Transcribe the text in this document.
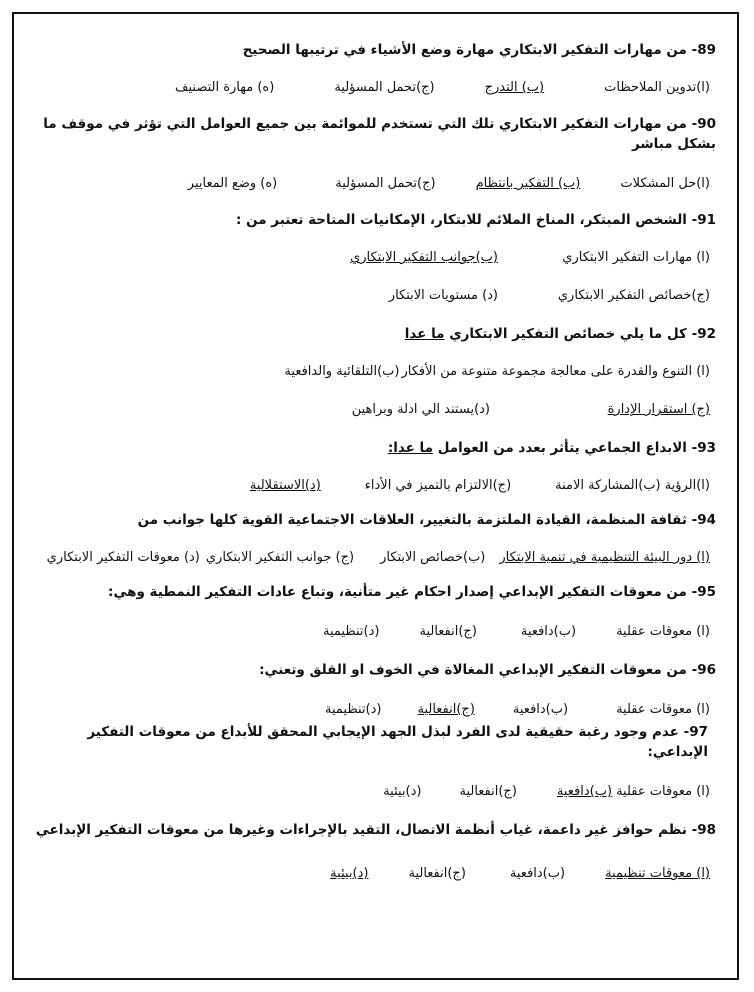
89- من مهارات التفكير الابتكاري مهارة وضع الأشياء في ترتيبها الصحيح

(ا)تدوين الملاحظات
(ب) التدرج
(ج)تحمل المسؤلية
(ه) مهارة التصنيف

90- من مهارات التفكير الابتكاري تلك التي تستخدم للموائمة بين جميع العوامل التي تؤثر في موقف ما بشكل مباشر

(ا)حل المشكلات
(ب) التفكير بانتظام
(ج)تحمل المسؤلية
(ه) وضع المعايير

91- الشخص المبتكر، المناخ الملائم للابتكار، الإمكانيات المتاحة تعتبر من :

(ا) مهارات التفكير الابتكاري
(ب)جوانب التفكير الابتكاري
(ج)خصائص التفكير الابتكاري
(د) مستويات الابتكار

92- كل ما يلي خصائص التفكير الابتكاري ما عدا

(ا) التنوع والقدرة على معالجة مجموعة متنوعة من الأفكار
(ب)التلقائية والدافعية
(ج) استقرار الإدارة
(د)يستند الي ادلة وبراهين

93- الابداع الجماعي يتأثر بعدد من العوامل ما عدا:

(ا)الرؤية
(ب)المشاركة الامنة
(ج)الالتزام بالتميز في الأداء
(د)الاستقلالية

94- ثقافة المنظمة، القيادة الملتزمة بالتغيير، العلاقات الاجتماعية القوية كلها جوانب من

(ا) دور البيئة التنظيمية في تنمية الابتكار
(ب)خصائص الابتكار
(ج) جوانب التفكير الابتكاري
(د) معوقات التفكير الابتكاري

95- من معوقات التفكير الإبداعي إصدار احكام غير متأنية، وتباع عادات التفكير النمطية وهي:

(ا) معوقات عقلية
(ب)دافعية
(ج)انفعالية
(د)تنظيمية

96- من معوقات التفكير الإبداعي المغالاة في الخوف او القلق وتعني:

(ا) معوقات عقلية
(ب)دافعية
(ج)انفعالية
(د)تنظيمية

97- عدم وجود رغبة حقيقية لدى الفرد لبذل الجهد الإيجابي المحقق للأبداع من معوقات التفكير الإبداعي:

(ا) معوقات عقلية
(ب)دافعية
(ج)انفعالية
(د)بيئية

98- نظم حوافز غير داعمة، غياب أنظمة الاتصال، التقيد بالإجراءات وغيرها من معوقات التفكير الإبداعي

(ا) معوقات تنظيمية
(ب)دافعية
(ج)انفعالية
(د)بيئية
